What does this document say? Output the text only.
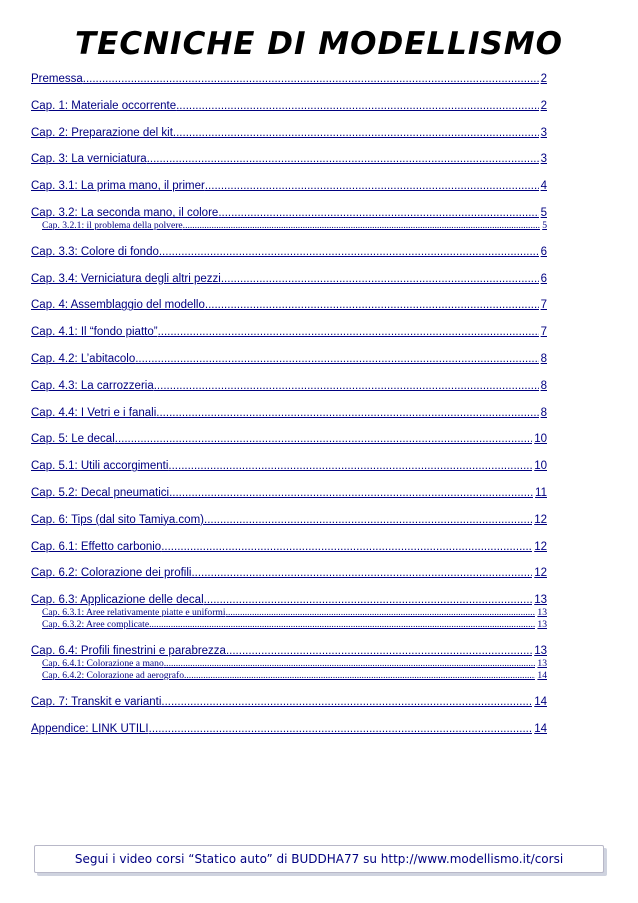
TECNICHE DI MODELLISMO
Premessa .....	2
Cap. 1: Materiale occorrente .....	2
Cap. 2: Preparazione del kit .....	3
Cap. 3: La verniciatura .....	3
Cap. 3.1: La prima mano, il primer .....	4
Cap. 3.2: La seconda mano, il colore .....	5
Cap. 3.2.1: il problema della polvere .....	5
Cap. 3.3: Colore di fondo .....	6
Cap. 3.4: Verniciatura degli altri pezzi .....	6
Cap. 4: Assemblaggio del modello .....	7
Cap. 4.1: Il “fondo piatto” .....	7
Cap. 4.2: L’abitacolo .....	8
Cap. 4.3: La carrozzeria .....	8
Cap. 4.4: I Vetri e i fanali .....	8
Cap. 5: Le decal .....	10
Cap. 5.1: Utili accorgimenti .....	10
Cap. 5.2: Decal pneumatici .....	11
Cap. 6: Tips (dal sito Tamiya.com) .....	12
Cap. 6.1: Effetto carbonio .....	12
Cap. 6.2: Colorazione dei profili .....	12
Cap. 6.3: Applicazione delle decal .....	13
Cap. 6.3.1: Aree relativamente piatte e uniformi .....	13
Cap. 6.3.2: Aree complicate .....	13
Cap. 6.4: Profili finestrini e parabrezza .....	13
Cap. 6.4.1: Colorazione a mano .....	13
Cap. 6.4.2: Colorazione ad aerografo .....	14
Cap. 7: Transkit e varianti .....	14
Appendice: LINK UTILI .....	14
Segui i video corsi “Statico auto” di BUDDHA77 su http://www.modellismo.it/corsi
